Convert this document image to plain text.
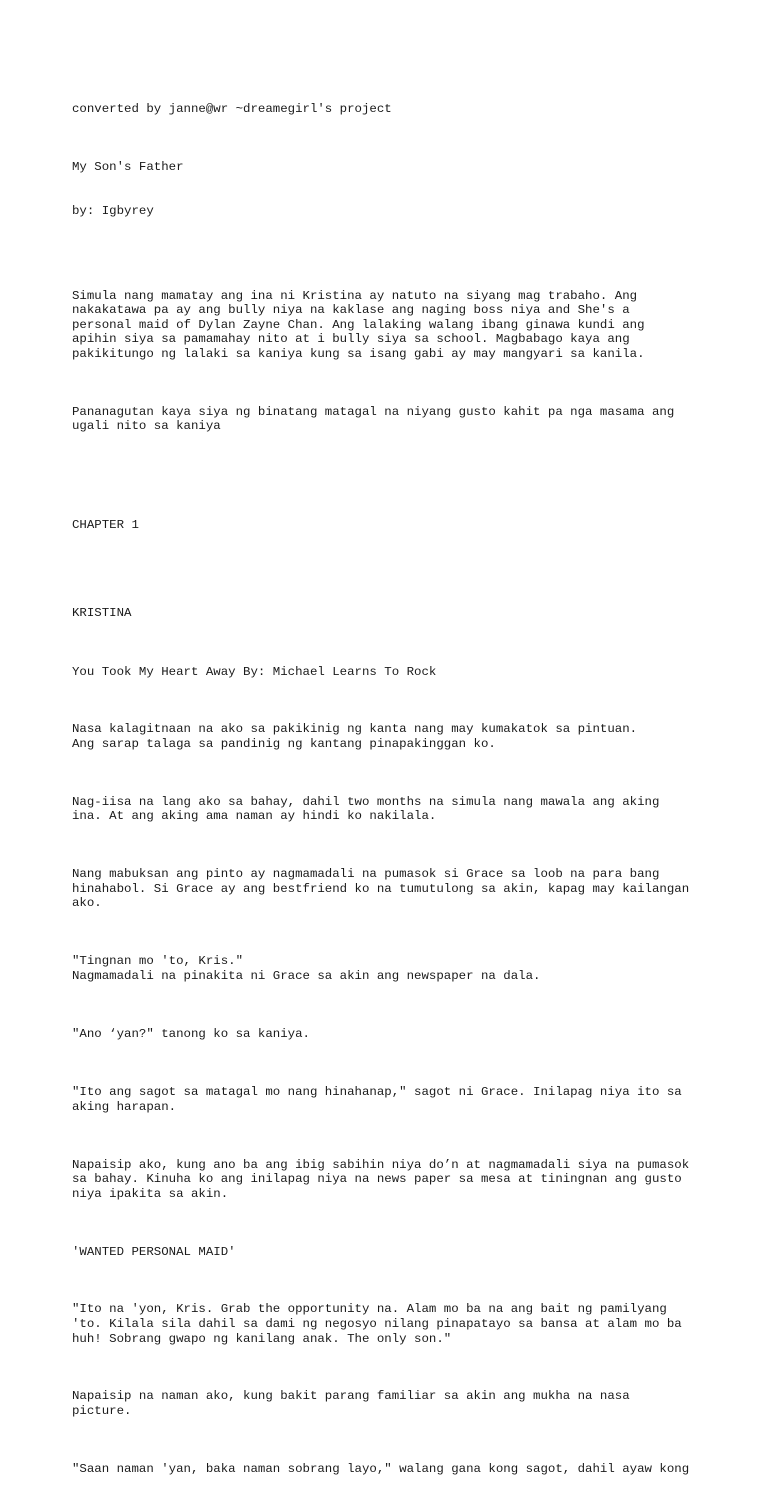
converted by janne@wr ~dreamegirl's project

My Son's Father

by: Igbyrey

Simula nang mamatay ang ina ni Kristina ay natuto na siyang mag trabaho. Ang
nakakatawa pa ay ang bully niya na kaklase ang naging boss niya and She's a
personal maid of Dylan Zayne Chan. Ang lalaking walang ibang ginawa kundi ang
apihin siya sa pamamahay nito at i bully siya sa school. Magbabago kaya ang
pakikitungo ng lalaki sa kaniya kung sa isang gabi ay may mangyari sa kanila.

Pananagutan kaya siya ng binatang matagal na niyang gusto kahit pa nga masama ang
ugali nito sa kaniya

CHAPTER 1

KRISTINA

You Took My Heart Away By: Michael Learns To Rock

Nasa kalagitnaan na ako sa pakikinig ng kanta nang may kumakatok sa pintuan.
Ang sarap talaga sa pandinig ng kantang pinapakinggan ko.

Nag-iisa na lang ako sa bahay, dahil two months na simula nang mawala ang aking
ina. At ang aking ama naman ay hindi ko nakilala.

Nang mabuksan ang pinto ay nagmamadali na pumasok si Grace sa loob na para bang
hinahabol. Si Grace ay ang bestfriend ko na tumutulong sa akin, kapag may kailangan
ako.

"Tingnan mo 'to, Kris."
Nagmamadali na pinakita ni Grace sa akin ang newspaper na dala.

"Ano ‘yan?" tanong ko sa kaniya.

"Ito ang sagot sa matagal mo nang hinahanap," sagot ni Grace. Inilapag niya ito sa
aking harapan.

Napaisip ako, kung ano ba ang ibig sabihin niya do’n at nagmamadali siya na pumasok
sa bahay. Kinuha ko ang inilapag niya na news paper sa mesa at tiningnan ang gusto
niya ipakita sa akin.

'WANTED PERSONAL MAID'

"Ito na 'yon, Kris. Grab the opportunity na. Alam mo ba na ang bait ng pamilyang
'to. Kilala sila dahil sa dami ng negosyo nilang pinapatayo sa bansa at alam mo ba
huh! Sobrang gwapo ng kanilang anak. The only son."

Napaisip na naman ako, kung bakit parang familiar sa akin ang mukha na nasa
picture.

"Saan naman 'yan, baka naman sobrang layo," walang gana kong sagot, dahil ayaw kong
